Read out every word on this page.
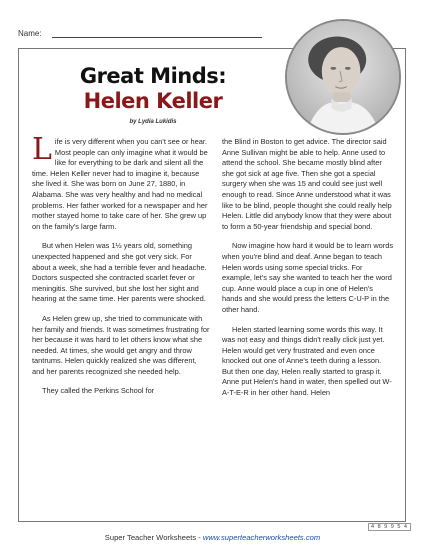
Name:
Great Minds:
Helen Keller
by Lydia Lukidis

Life is very different when you can't see or hear. Most people can only imagine what it would be like for everything to be dark and silent all the time. Helen Keller never had to imagine it, because she lived it. She was born on June 27, 1880, in Alabama. She was very healthy and had no medical problems. Her father worked for a newspaper and her mother stayed home to take care of her. She grew up on the family's large farm.

But when Helen was 1½ years old, something unexpected happened and she got very sick. For about a week, she had a terrible fever and headache. Doctors suspected she contracted scarlet fever or meningitis. She survived, but she lost her sight and hearing at the same time. Her parents were shocked.

As Helen grew up, she tried to communicate with her family and friends. It was sometimes frustrating for her because it was hard to let others know what she needed. At times, she would get angry and throw tantrums. Helen quickly realized she was different, and her parents recognized she needed help.

They called the Perkins School for

the Blind in Boston to get advice. The director said Anne Sullivan might be able to help. Anne used to attend the school. She became mostly blind after she got sick at age five. Then she got a special surgery when she was 15 and could see just well enough to read. Since Anne understood what it was like to be blind, people thought she could really help Helen. Little did anybody know that they were about to form a 50-year friendship and special bond.

Now imagine how hard it would be to learn words when you're blind and deaf. Anne began to teach Helen words using some special tricks. For example, let's say she wanted to teach her the word cup. Anne would place a cup in one of Helen's hands and she would press the letters C-U-P in the other hand.

Helen started learning some words this way. It was not easy and things didn't really click just yet. Helen would get very frustrated and even once knocked out one of Anne's teeth during a lesson. But then one day, Helen really started to grasp it. Anne put Helen's hand in water, then spelled out W-A-T-E-R in her other hand. Helen

4 8 9 9 5 4
Super Teacher Worksheets - www.superteacherworksheets.com
